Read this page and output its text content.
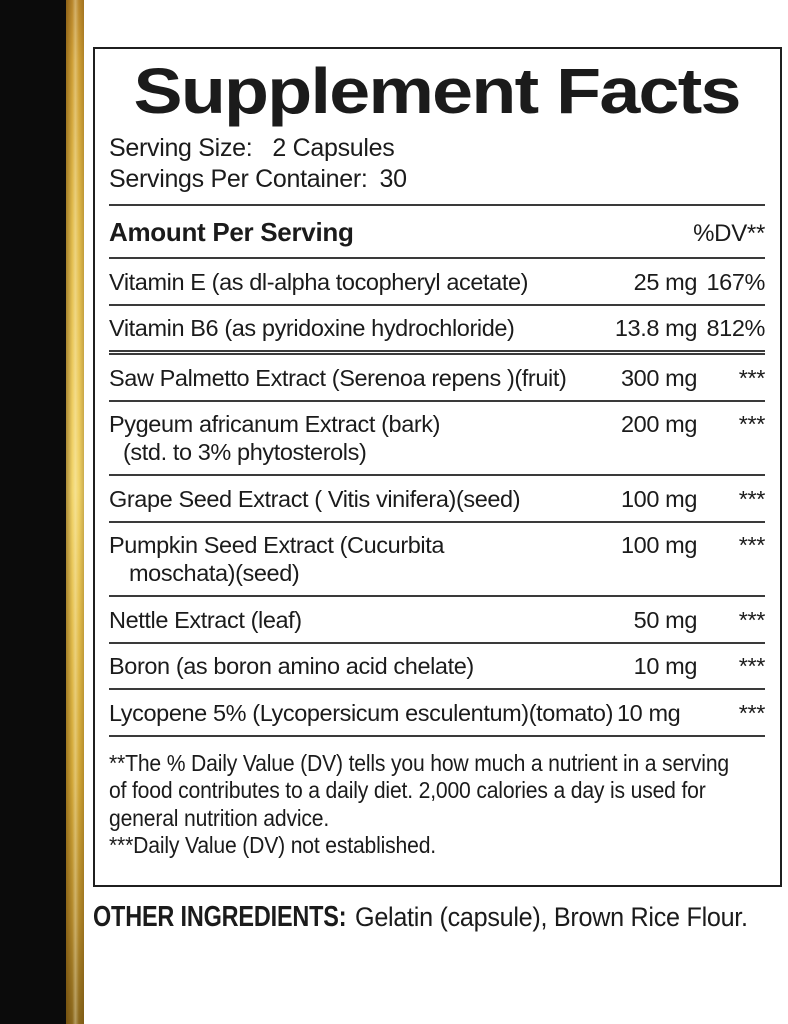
Supplement Facts
Serving Size: 2 Capsules
Servings Per Container: 30
Amount Per Serving	%DV**
Vitamin E (as dl-alpha tocopheryl acetate)	25 mg 167%
Vitamin B6 (as pyridoxine hydrochloride)	13.8 mg 812%
Saw Palmetto Extract (Serenoa repens )(fruit)	300 mg	***
Pygeum africanum Extract (bark)
(std. to 3% phytosterols)
200 mg	***
Grape Seed Extract ( Vitis vinifera)(seed)	100 mg	***
Pumpkin Seed Extract (Cucurbita
moschata)(seed)
100 mg	***
Nettle Extract (leaf)	50 mg	***
Boron (as boron amino acid chelate)	10 mg	***
Lycopene 5% (Lycopersicum esculentum)(tomato) 10 mg	***
**The % Daily Value (DV) tells you how much a nutrient in a serving
of food contributes to a daily diet. 2,000 calories a day is used for
general nutrition advice.
***Daily Value (DV) not established.
OTHER INGREDIENTS: Gelatin (capsule), Brown Rice Flour.
